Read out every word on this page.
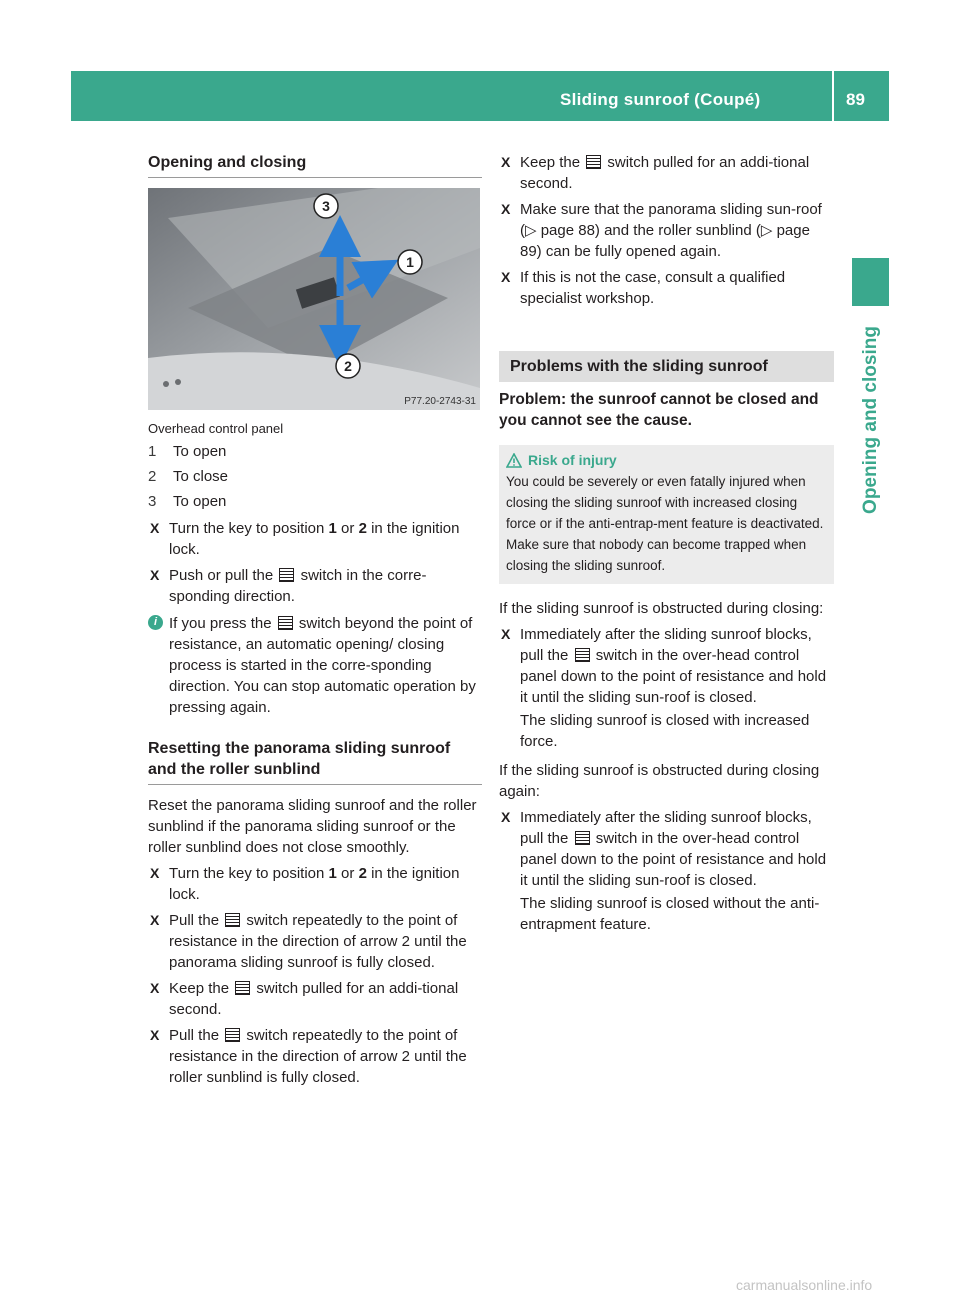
Sliding sunroof (Coupé)	89
Opening and closing
Opening and closing
3
1
2
P77.20-2743-31
Overhead control panel
1	To open
2	To close
3	To open
X Turn the key to position 1 or 2 in the ignition lock.
X Push or pull the  switch in the corre-sponding direction.
i If you press the  switch beyond the point of resistance, an automatic opening/ closing process is started in the corre-sponding direction. You can stop automatic operation by pressing again.
Resetting the panorama sliding sunroof and the roller sunblind
Reset the panorama sliding sunroof and the roller sunblind if the panorama sliding sunroof or the roller sunblind does not close smoothly.
X Turn the key to position 1 or 2 in the ignition lock.
X Pull the  switch repeatedly to the point of resistance in the direction of arrow 2 until the panorama sliding sunroof is fully closed.
X Keep the  switch pulled for an addi-tional second.
X Pull the  switch repeatedly to the point of resistance in the direction of arrow 2 until the roller sunblind is fully closed.
X Keep the  switch pulled for an addi-tional second.
X Make sure that the panorama sliding sun-roof (▷ page 88) and the roller sunblind (▷ page 89) can be fully opened again.
X If this is not the case, consult a qualified specialist workshop.
Problems with the sliding sunroof
Problem: the sunroof cannot be closed and you cannot see the cause.
Risk of injury
You could be severely or even fatally injured when closing the sliding sunroof with increased closing force or if the anti-entrap-ment feature is deactivated. Make sure that nobody can become trapped when closing the sliding sunroof.
If the sliding sunroof is obstructed during closing:
X Immediately after the sliding sunroof blocks, pull the  switch in the over-head control panel down to the point of resistance and hold it until the sliding sun-roof is closed.
The sliding sunroof is closed with increased force.
If the sliding sunroof is obstructed during closing again:
X Immediately after the sliding sunroof blocks, pull the  switch in the over-head control panel down to the point of resistance and hold it until the sliding sun-roof is closed.
The sliding sunroof is closed without the anti-entrapment feature.
carmanualsonline.info
